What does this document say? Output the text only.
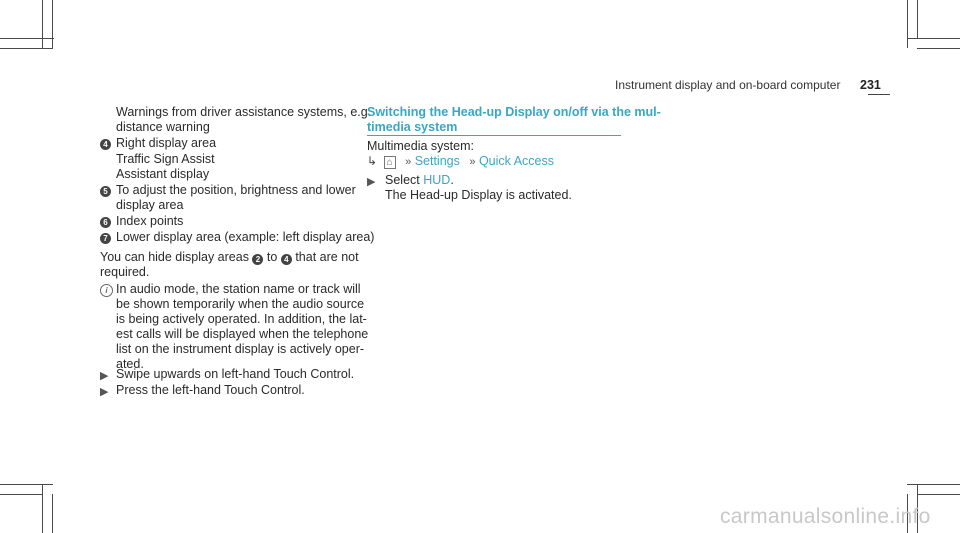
Instrument display and on-board computer 231
Warnings from driver assistance systems, e.g.
distance warning
4 Right display area
Traffic Sign Assist
Assistant display
5 To adjust the position, brightness and lower
display area
6 Index points
7 Lower display area (example: left display area)
You can hide display areas 2 to 4 that are not
required.
i In audio mode, the station name or track will
be shown temporarily when the audio source
is being actively operated. In addition, the lat-
est calls will be displayed when the telephone
list on the instrument display is actively oper-
ated.
▶ Swipe upwards on left-hand Touch Control.
▶ Press the left-hand Touch Control.
Switching the Head-up Display on/off via the mul-
timedia system
Multimedia system:
↳ ⌂ » Settings » Quick Access
▶ Select HUD.
The Head-up Display is activated.
carmanualsonline.info
